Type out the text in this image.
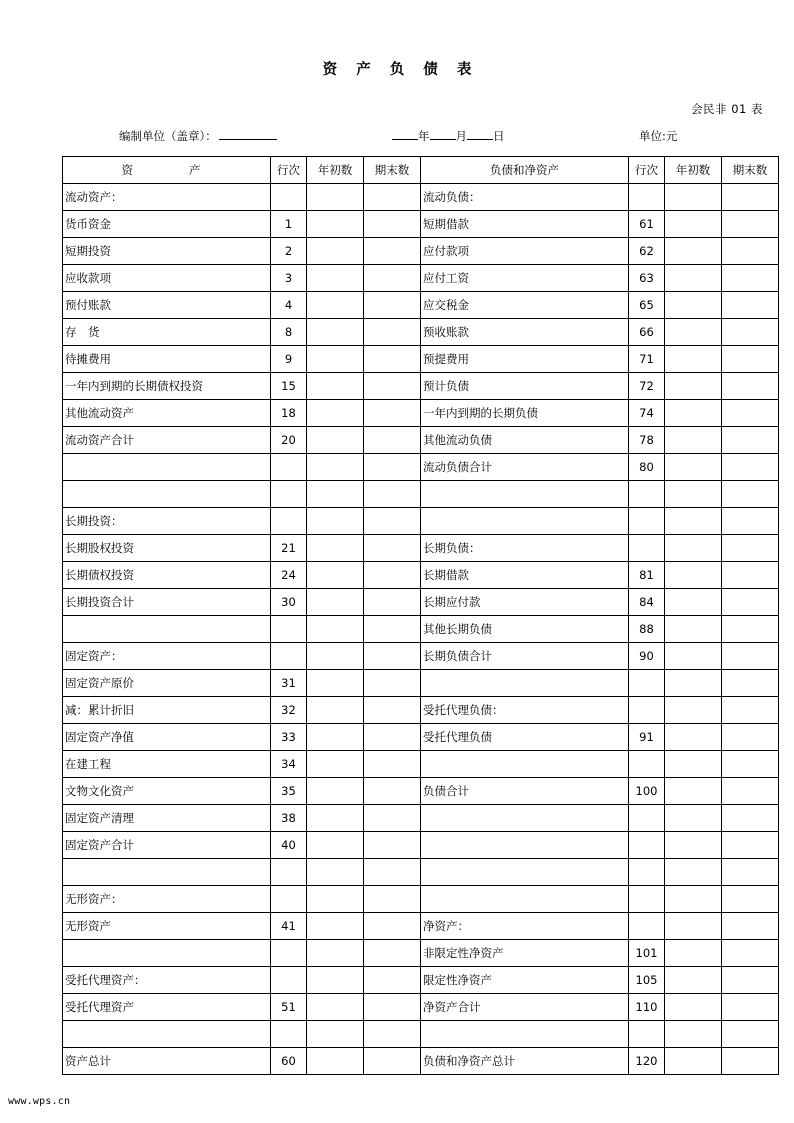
资 产 负 债 表
会民非 01 表
编制单位（盖章）：	年 月 日	单位:元
资　　产	行次	年初数	期末数	负债和净资产	行次	年初数	期末数
流动资产：				流动负债：			
货币资金	1			短期借款	61		
短期投资	2			应付款项	62		
应收款项	3			应付工资	63		
预付账款	4			应交税金	65		
存　货	8			预收账款	66		
待摊费用	9			预提费用	71		
一年内到期的长期债权投资	15			预计负债	72		
其他流动资产	18			一年内到期的长期负债	74		
流动资产合计	20			其他流动负债	78		
				流动负债合计	80		

长期投资：							
长期股权投资	21			长期负债：			
长期债权投资	24			长期借款	81		
长期投资合计	30			长期应付款	84		
				其他长期负债	88		
固定资产：				长期负债合计	90		
固定资产原价	31						
减：累计折旧	32			受托代理负债：			
固定资产净值	33			受托代理负债	91		
在建工程	34						
文物文化资产	35			负债合计	100		
固定资产清理	38						
固定资产合计	40						

无形资产：							
无形资产	41			净资产：			
				非限定性净资产	101		
受托代理资产：				限定性净资产	105		
受托代理资产	51			净资产合计	110		

资产总计	60			负债和净资产总计	120		
www.wps.cn
